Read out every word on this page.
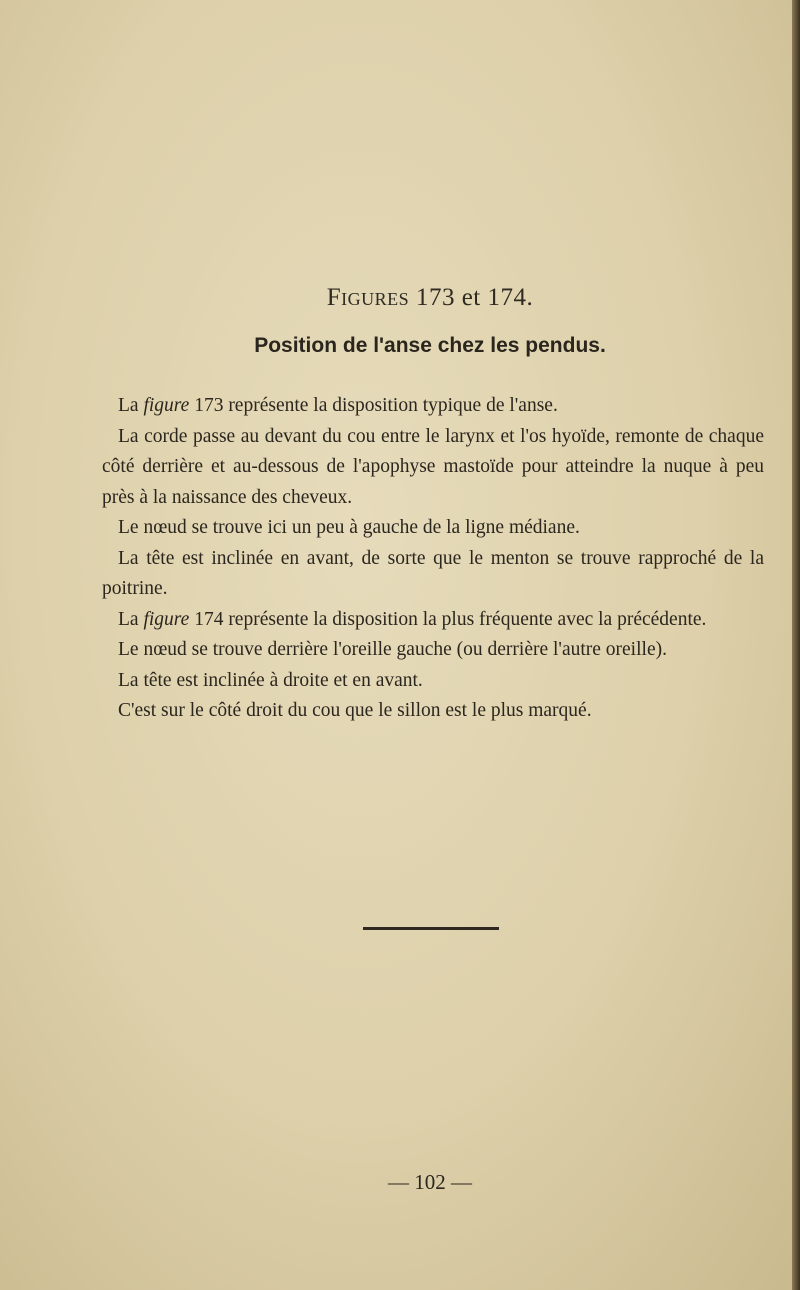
Figures 173 et 174.
Position de l'anse chez les pendus.

La figure 173 représente la disposition typique de l'anse.

La corde passe au devant du cou entre le larynx et l'os hyoïde, remonte de chaque côté derrière et au-dessous de l'apophyse mastoïde pour atteindre la nuque à peu près à la naissance des cheveux.

Le nœud se trouve ici un peu à gauche de la ligne médiane.

La tête est inclinée en avant, de sorte que le menton se trouve rapproché de la poitrine.

La figure 174 représente la disposition la plus fréquente avec la précédente.

Le nœud se trouve derrière l'oreille gauche (ou derrière l'autre oreille).

La tête est inclinée à droite et en avant.

C'est sur le côté droit du cou que le sillon est le plus marqué.

— 102 —
